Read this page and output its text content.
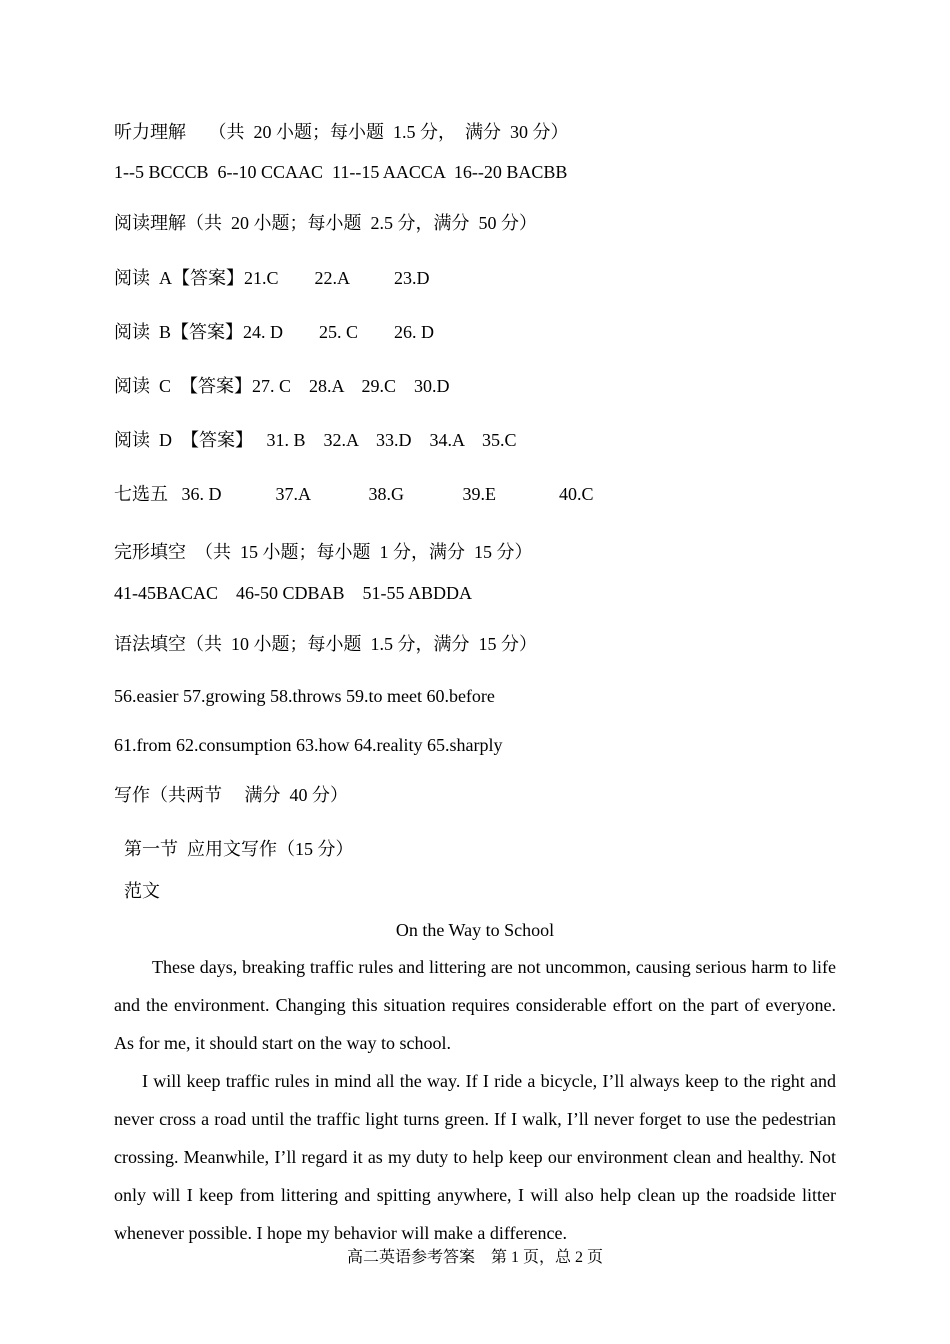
听力理解　 （共  20 小题；每小题  1.5 分，　满分  30 分）
1--5 BCCCB  6--10 CCAAC  11--15 AACCA  16--20 BACBB
阅读理解（共  20 小题；每小题  2.5 分，满分  50 分）
阅读  A【答案】21.C        22.A          23.D
阅读  B【答案】24. D        25. C        26. D
阅读  C  【答案】27. C    28.A    29.C    30.D
阅读  D  【答案】   31. B    32.A    33.D    34.A    35.C
七选五   36. D            37.A             38.G             39.E              40.C
完形填空　（共  15 小题；每小题  1 分，满分  15 分）
41-45BACAC    46-50 CDBAB    51-55 ABDDA
语法填空（共  10 小题；每小题  1.5 分，满分  15 分）
56.easier 57.growing 58.throws 59.to meet 60.before
61.from 62.consumption 63.how 64.reality 65.sharply
写作（共两节　 满分  40 分）
第一节  应用文写作（15 分）
范文
On the Way to School
These days, breaking traffic rules and littering are not uncommon, causing serious harm to life and the environment. Changing this situation requires considerable effort on the part of everyone. As for me, it should start on the way to school.
I will keep traffic rules in mind all the way. If I ride a bicycle, I’ll always keep to the right and never cross a road until the traffic light turns green. If I walk, I’ll never forget to use the pedestrian crossing. Meanwhile, I’ll regard it as my duty to help keep our environment clean and healthy. Not only will I keep from littering and spitting anywhere, I will also help clean up the roadside litter whenever possible. I hope my behavior will make a difference.
高二英语参考答案　第 1 页，总 2 页
